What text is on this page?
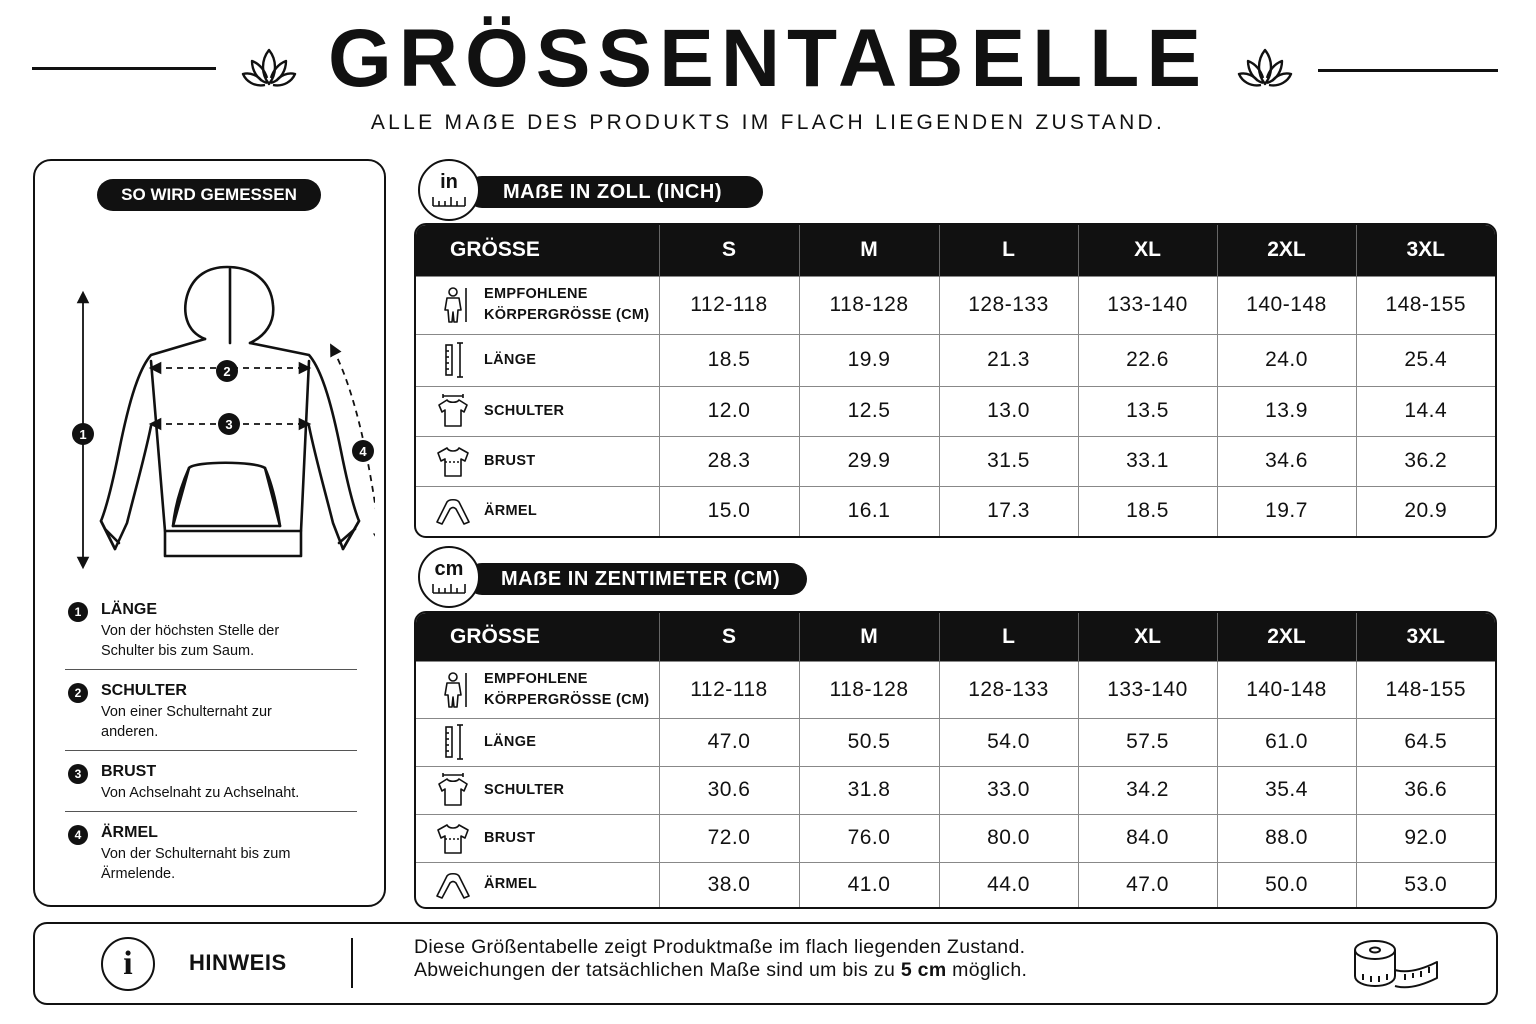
GRÖSSENTABELLE
ALLE MAẞE DES PRODUKTS IM FLACH LIEGENDEN ZUSTAND.
SO WIRD GEMESSEN
1
2
3
4
1	LÄNGE
Von der höchsten Stelle der Schulter bis zum Saum.
2	SCHULTER
Von einer Schulternaht zur anderen.
3	BRUST
Von Achselnaht zu Achselnaht.
4	ÄRMEL
Von der Schulternaht bis zum Ärmelende.
in	MAẞE IN ZOLL (INCH)
GRÖSSE	S	M	L	XL	2XL	3XL

EMPFOHLENE
KÖRPERGRÖSSE (CM)	112-118	118-128	128-133	133-140	140-148	148-155

LÄNGE	18.5	19.9	21.3	22.6	24.0	25.4

SCHULTER	12.0	12.5	13.0	13.5	13.9	14.4

BRUST	28.3	29.9	31.5	33.1	34.6	36.2

ÄRMEL	15.0	16.1	17.3	18.5	19.7	20.9
cm	MAẞE IN ZENTIMETER (CM)
GRÖSSE	S	M	L	XL	2XL	3XL

EMPFOHLENE
KÖRPERGRÖSSE (CM)	112-118	118-128	128-133	133-140	140-148	148-155

LÄNGE	47.0	50.5	54.0	57.5	61.0	64.5

SCHULTER	30.6	31.8	33.0	34.2	35.4	36.6

BRUST	72.0	76.0	80.0	84.0	88.0	92.0

ÄRMEL	38.0	41.0	44.0	47.0	50.0	53.0
i	HINWEIS
Diese Größentabelle zeigt Produktmaße im flach liegenden Zustand.
Abweichungen der tatsächlichen Maße sind um bis zu 5 cm möglich.
